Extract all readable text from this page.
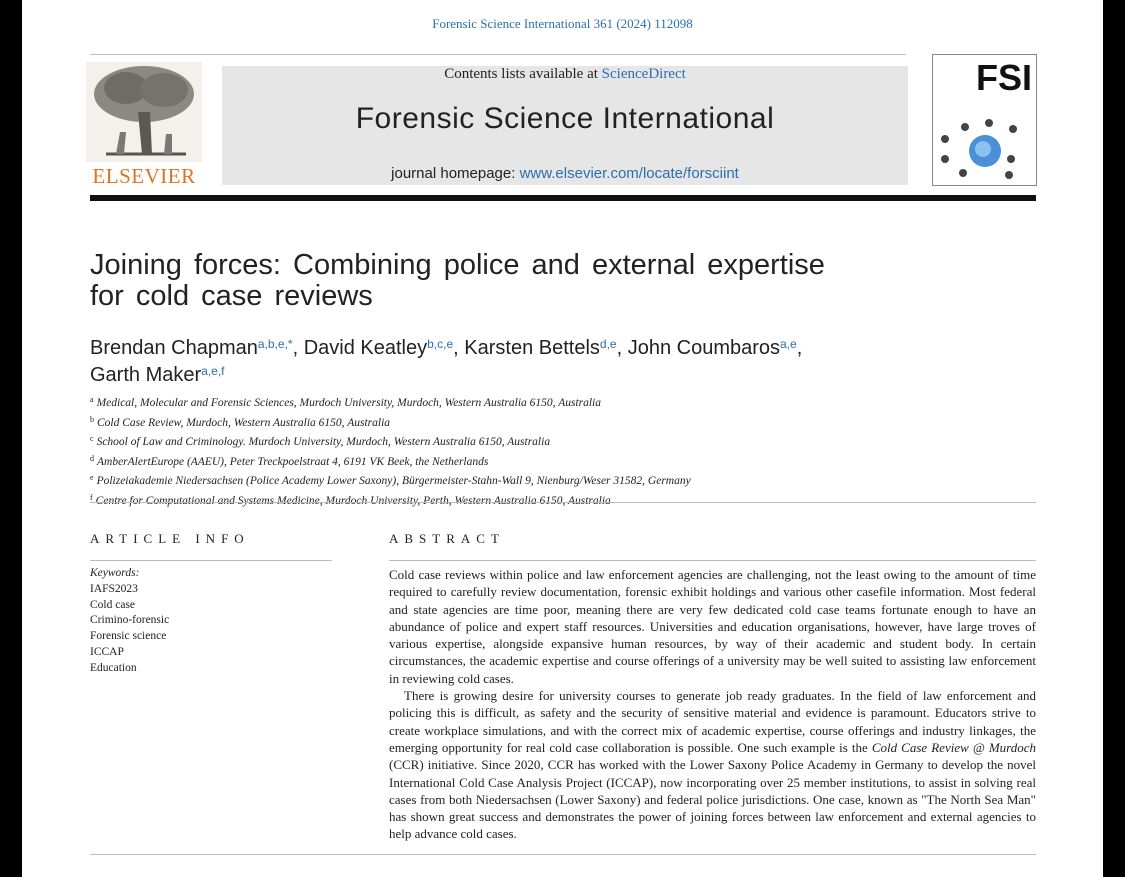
Forensic Science International 361 (2024) 112098
ELSEVIER
Contents lists available at ScienceDirect
Forensic Science International
journal homepage: www.elsevier.com/locate/forsciint
FSI
Joining forces: Combining police and external expertise for cold case reviews
Brendan Chapman$^{a,b,e,*}$, David Keatley$^{b,c,e}$, Karsten Bettels$^{d,e}$, John Coumbaros$^{a,e}$,
Garth Maker$^{a,e,f}$
$^a$ Medical, Molecular and Forensic Sciences, Murdoch University, Murdoch, Western Australia 6150, Australia
$^b$ Cold Case Review, Murdoch, Western Australia 6150, Australia
$^c$ School of Law and Criminology. Murdoch University, Murdoch, Western Australia 6150, Australia
$^d$ AmberAlertEurope (AAEU), Peter Treckpoelstraat 4, 6191 VK Beek, the Netherlands
$^e$ Polizeiakademie Niedersachsen (Police Academy Lower Saxony), Bürgermeister-Stahn-Wall 9, Nienburg/Weser 31582, Germany
$^f$ Centre for Computational and Systems Medicine, Murdoch University, Perth, Western Australia 6150, Australia
ARTICLE INFO	ABSTRACT
Keywords:
IAFS2023
Cold case
Crimino-forensic
Forensic science
ICCAP
Education

Cold case reviews within police and law enforcement agencies are challenging, not the least owing to the amount of time required to carefully review documentation, forensic exhibit holdings and various other casefile information. Most federal and state agencies are time poor, meaning there are very few dedicated cold case teams fortunate enough to have an abundance of police and expert staff resources. Universities and education organisations, however, have large troves of various expertise, alongside expansive human resources, by way of their academic and student body. In certain circumstances, the academic expertise and course offerings of a university may be well suited to assisting law enforcement in reviewing cold cases.

There is growing desire for university courses to generate job ready graduates. In the field of law enforcement and policing this is difficult, as safety and the security of sensitive material and evidence is paramount. Educators strive to create workplace simulations, and with the correct mix of academic expertise, course offerings and industry linkages, the emerging opportunity for real cold case collaboration is possible. One such example is the Cold Case Review @ Murdoch (CCR) initiative. Since 2020, CCR has worked with the Lower Saxony Police Academy in Germany to develop the novel International Cold Case Analysis Project (ICCAP), now incorporating over 25 member institutions, to assist in solving real cases from both Niedersachsen (Lower Saxony) and federal police jurisdictions. One case, known as "The North Sea Man" has shown great success and demonstrates the power of joining forces between law enforcement and external agencies to help advance cold cases.
